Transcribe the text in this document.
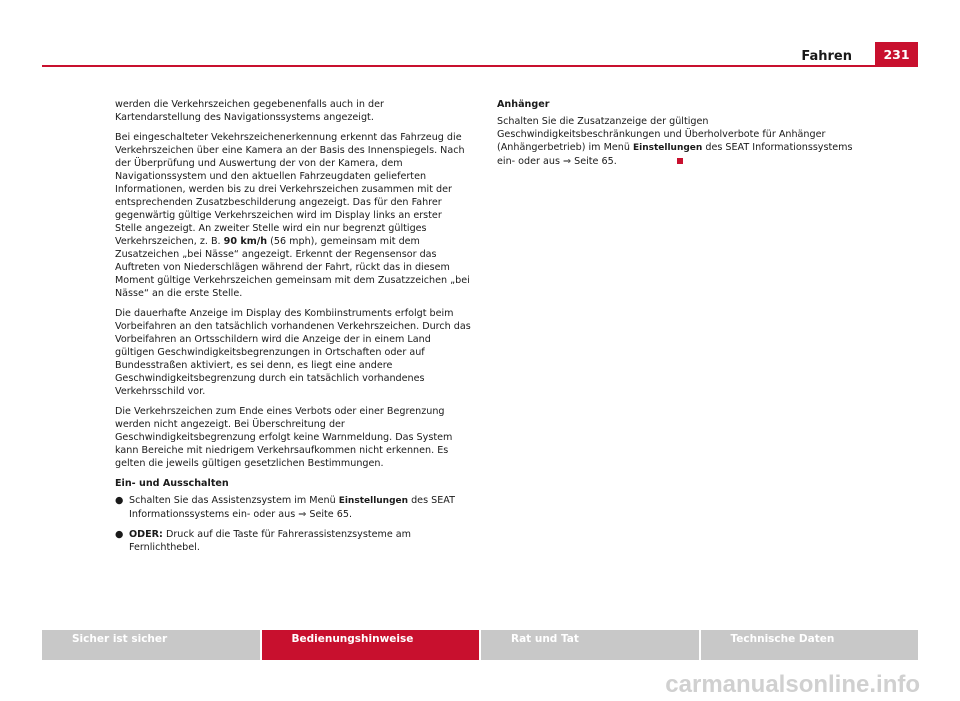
Fahren	231

werden die Verkehrszeichen gegebenenfalls auch in der Kartendarstellung des Navigationssystems angezeigt.

Bei eingeschalteter Vekehrszeichenerkennung erkennt das Fahrzeug die Verkehrszeichen über eine Kamera an der Basis des Innenspiegels. Nach der Überprüfung und Auswertung der von der Kamera, dem Navigationssystem und den aktuellen Fahrzeugdaten gelieferten Informationen, werden bis zu drei Verkehrszeichen zusammen mit der entsprechenden Zusatzbeschilderung angezeigt. Das für den Fahrer gegenwärtig gültige Verkehrszeichen wird im Display links an erster Stelle angezeigt. An zweiter Stelle wird ein nur begrenzt gültiges Verkehrszeichen, z. B. 90 km/h (56 mph), gemeinsam mit dem Zusatzeichen „bei Nässe“ angezeigt. Erkennt der Regensensor das Auftreten von Niederschlägen während der Fahrt, rückt das in diesem Moment gültige Verkehrszeichen gemeinsam mit dem Zusatzzeichen „bei Nässe“ an die erste Stelle.

Die dauerhafte Anzeige im Display des Kombiinstruments erfolgt beim Vorbeifahren an den tatsächlich vorhandenen Verkehrszeichen. Durch das Vorbeifahren an Ortsschildern wird die Anzeige der in einem Land gültigen Geschwindigkeitsbegrenzungen in Ortschaften oder auf Bundesstraßen aktiviert, es sei denn, es liegt eine andere Geschwindigkeitsbegrenzung durch ein tatsächlich vorhandenes Verkehrsschild vor.

Die Verkehrszeichen zum Ende eines Verbots oder einer Begrenzung werden nicht angezeigt. Bei Überschreitung der Geschwindigkeitsbegrenzung erfolgt keine Warnmeldung. Das System kann Bereiche mit niedrigem Verkehrsaufkommen nicht erkennen. Es gelten die jeweils gültigen gesetzlichen Bestimmungen.

Ein- und Ausschalten

● Schalten Sie das Assistenzsystem im Menü Einstellungen des SEAT Informationssystems ein- oder aus ⇒ Seite 65.
● ODER: Druck auf die Taste für Fahrerassistenzsysteme am Fernlichthebel.

Anhänger

Schalten Sie die Zusatzanzeige der gültigen Geschwindigkeitsbeschränkungen und Überholverbote für Anhänger (Anhängerbetrieb) im Menü Einstellungen des SEAT Informationssystems ein- oder aus ⇒ Seite 65.

Sicher ist sicher	Bedienungshinweise	Rat und Tat	Technische Daten
carmanualsonline.info
